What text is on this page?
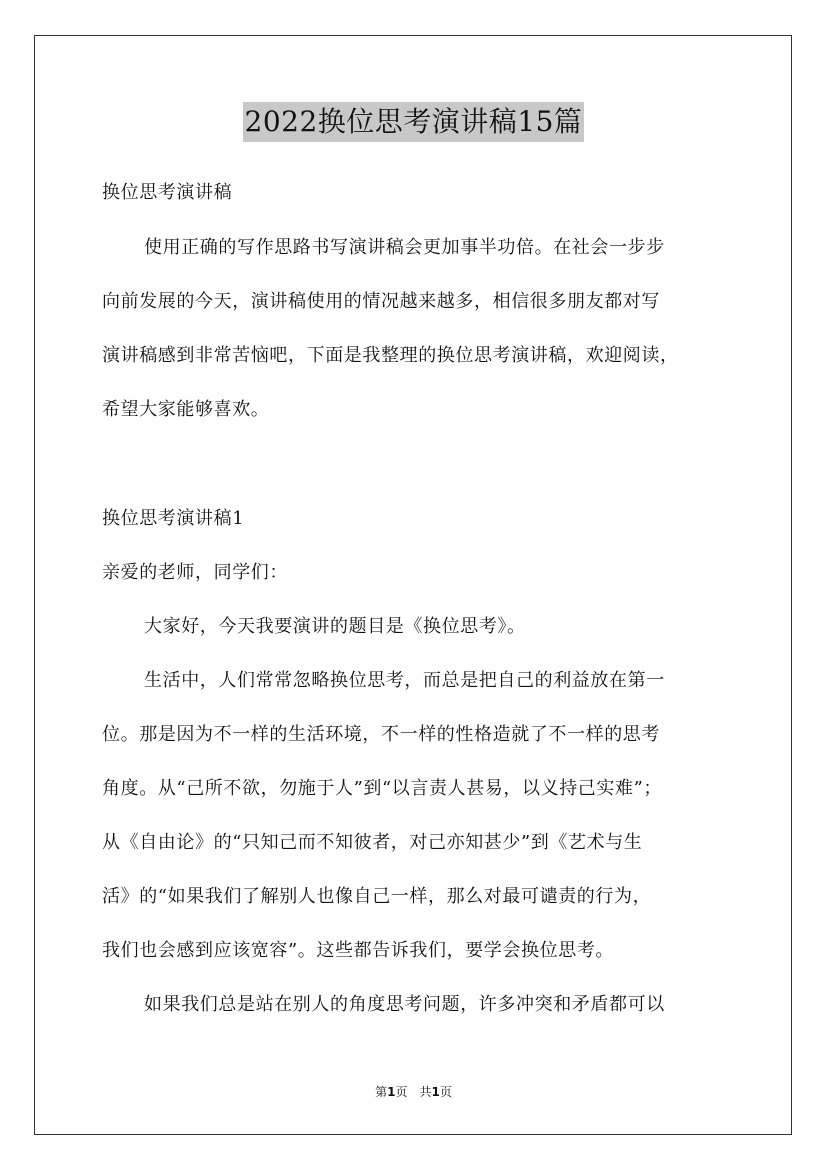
2022换位思考演讲稿15篇
换位思考演讲稿
使用正确的写作思路书写演讲稿会更加事半功倍。在社会一步步
向前发展的今天，演讲稿使用的情况越来越多，相信很多朋友都对写
演讲稿感到非常苦恼吧，下面是我整理的换位思考演讲稿，欢迎阅读，
希望大家能够喜欢。
换位思考演讲稿1
亲爱的老师，同学们：
大家好，今天我要演讲的题目是《换位思考》。
生活中，人们常常忽略换位思考，而总是把自己的利益放在第一
位。那是因为不一样的生活环境，不一样的性格造就了不一样的思考
角度。从“己所不欲，勿施于人”到“以言责人甚易，以义持己实难”；
从《自由论》的“只知己而不知彼者，对己亦知甚少”到《艺术与生
活》的“如果我们了解别人也像自己一样，那么对最可谴责的行为，
我们也会感到应该宽容”。这些都告诉我们，要学会换位思考。
如果我们总是站在别人的角度思考问题，许多冲突和矛盾都可以
第1页 共1页
